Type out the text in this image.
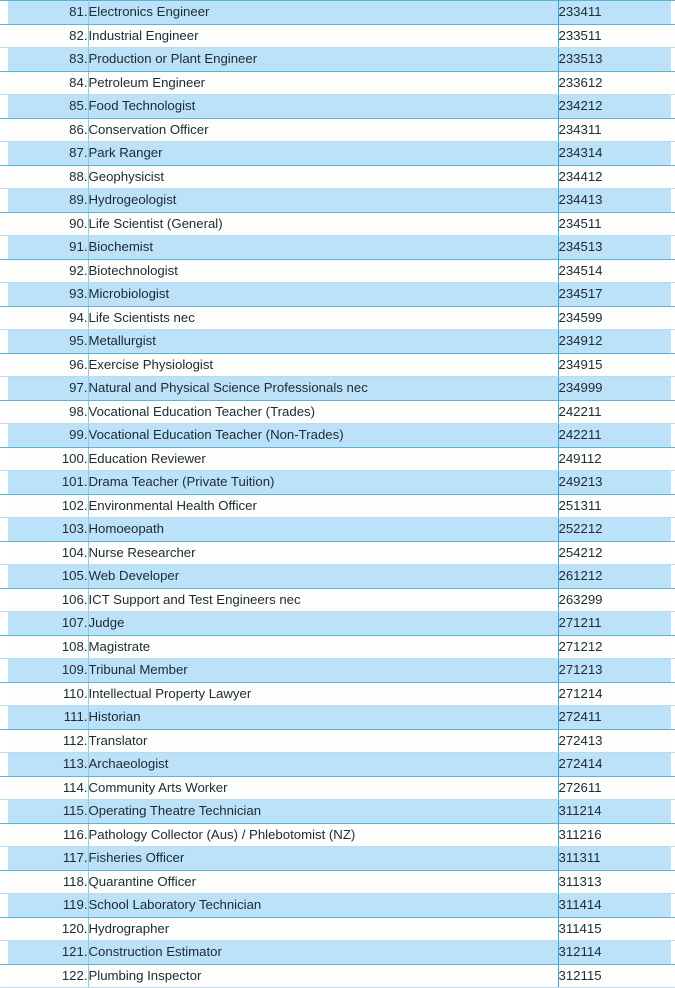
81.	Electronics Engineer	233411
82.	Industrial Engineer	233511
83.	Production or Plant Engineer	233513
84.	Petroleum Engineer	233612
85.	Food Technologist	234212
86.	Conservation Officer	234311
87.	Park Ranger	234314
88.	Geophysicist	234412
89.	Hydrogeologist	234413
90.	Life Scientist (General)	234511
91.	Biochemist	234513
92.	Biotechnologist	234514
93.	Microbiologist	234517
94.	Life Scientists nec	234599
95.	Metallurgist	234912
96.	Exercise Physiologist	234915
97.	Natural and Physical Science Professionals nec	234999
98.	Vocational Education Teacher (Trades)	242211
99.	Vocational Education Teacher (Non-Trades)	242211
100.	Education Reviewer	249112
101.	Drama Teacher (Private Tuition)	249213
102.	Environmental Health Officer	251311
103.	Homoeopath	252212
104.	Nurse Researcher	254212
105.	Web Developer	261212
106.	ICT Support and Test Engineers nec	263299
107.	Judge	271211
108.	Magistrate	271212
109.	Tribunal Member	271213
110.	Intellectual Property Lawyer	271214
111.	Historian	272411
112.	Translator	272413
113.	Archaeologist	272414
114.	Community Arts Worker	272611
115.	Operating Theatre Technician	311214
116.	Pathology Collector (Aus) / Phlebotomist (NZ)	311216
117.	Fisheries Officer	311311
118.	Quarantine Officer	311313
119.	School Laboratory Technician	311414
120.	Hydrographer	311415
121.	Construction Estimator	312114
122.	Plumbing Inspector	312115
